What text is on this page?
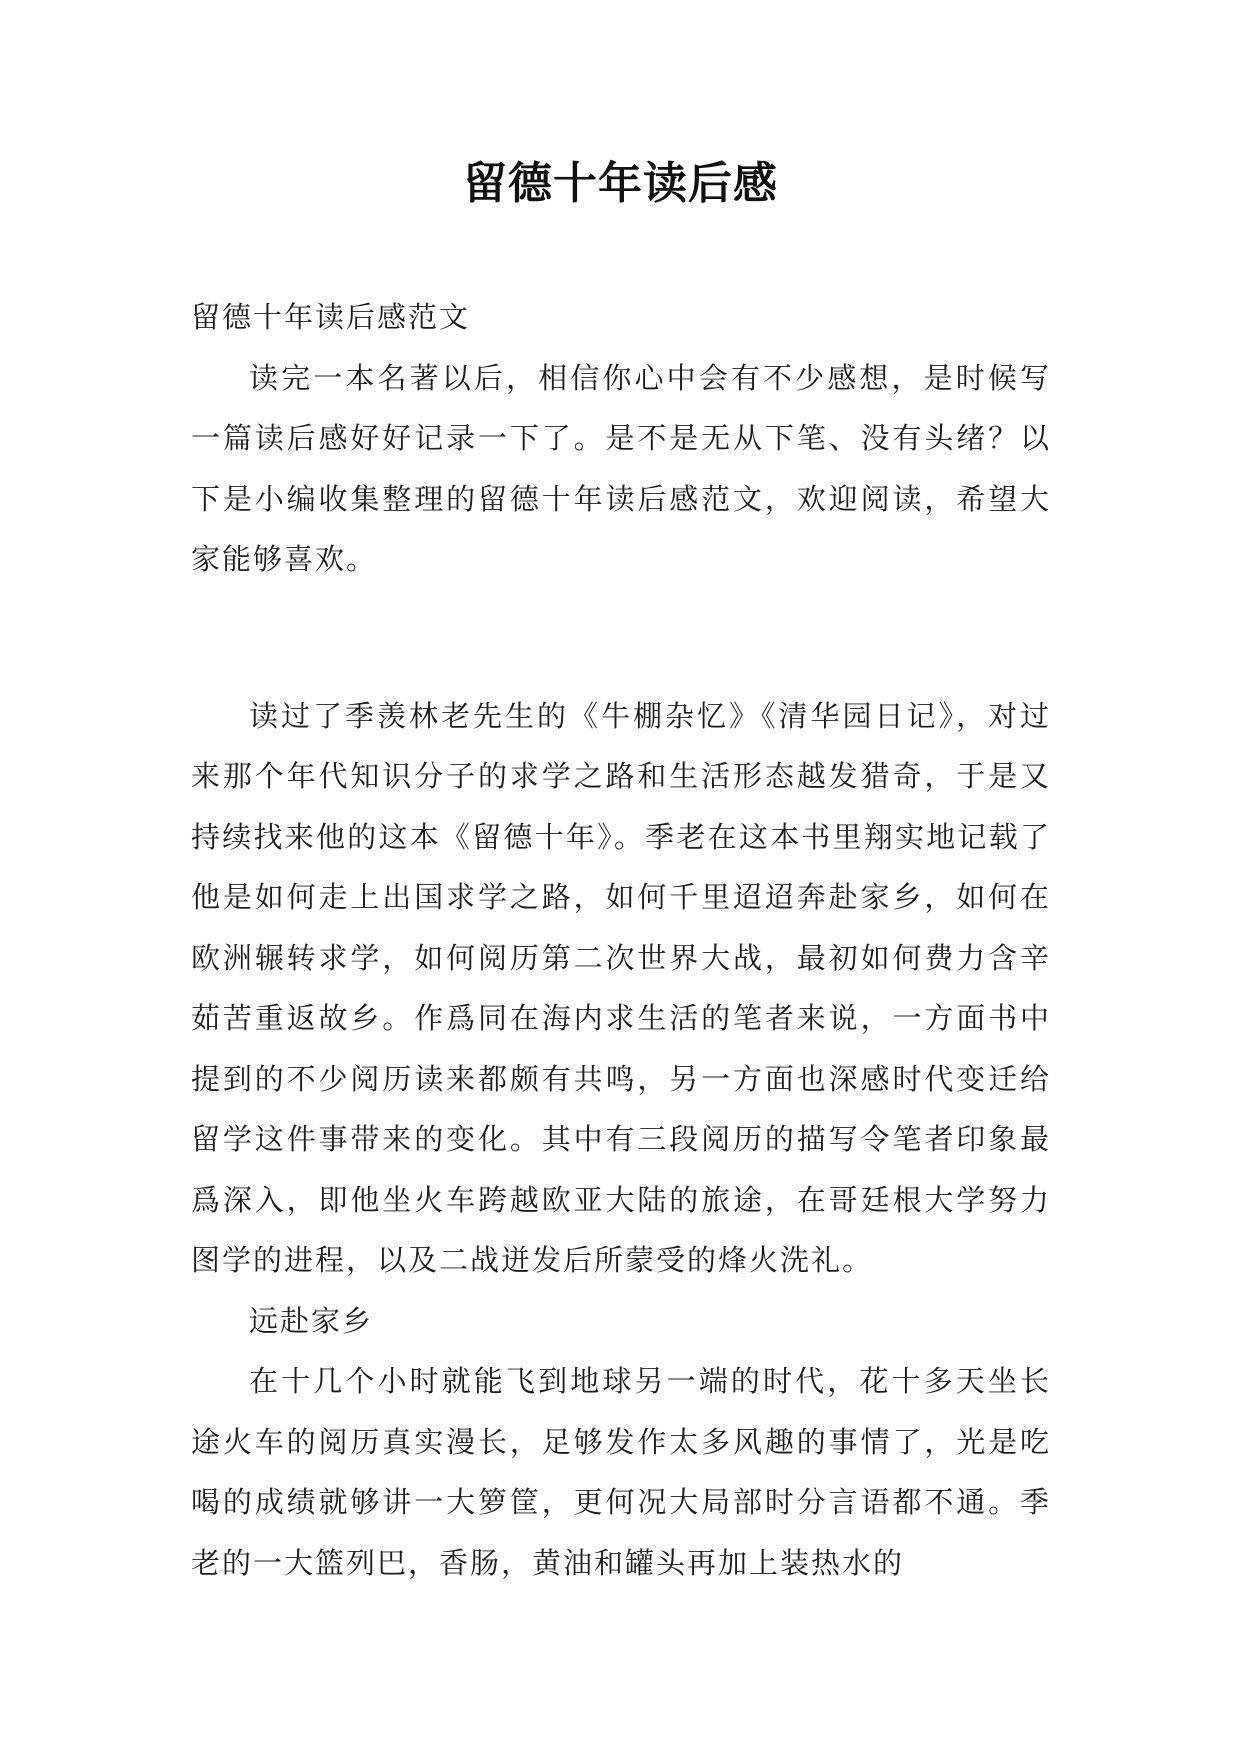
留德十年读后感

留德十年读后感范文

读完一本名著以后，相信你心中会有不少感想，是时候写一篇读后感好好记录一下了。是不是无从下笔、没有头绪？以下是小编收集整理的留德十年读后感范文，欢迎阅读，希望大家能够喜欢。

读过了季羡林老先生的《牛棚杂忆》《清华园日记》，对过来那个年代知识分子的求学之路和生活形态越发猎奇，于是又持续找来他的这本《留德十年》。季老在这本书里翔实地记载了他是如何走上出国求学之路，如何千里迢迢奔赴家乡，如何在欧洲辗转求学，如何阅历第二次世界大战，最初如何费力含辛茹苦重返故乡。作爲同在海内求生活的笔者来说，一方面书中提到的不少阅历读来都颇有共鸣，另一方面也深感时代变迁给留学这件事带来的变化。其中有三段阅历的描写令笔者印象最爲深入，即他坐火车跨越欧亚大陆的旅途，在哥廷根大学努力图学的进程，以及二战迸发后所蒙受的烽火洗礼。

远赴家乡

在十几个小时就能飞到地球另一端的时代，花十多天坐长途火车的阅历真实漫长，足够发作太多风趣的事情了，光是吃喝的成绩就够讲一大箩筐，更何况大局部时分言语都不通。季老的一大篮列巴，香肠，黄油和罐头再加上装热水的
